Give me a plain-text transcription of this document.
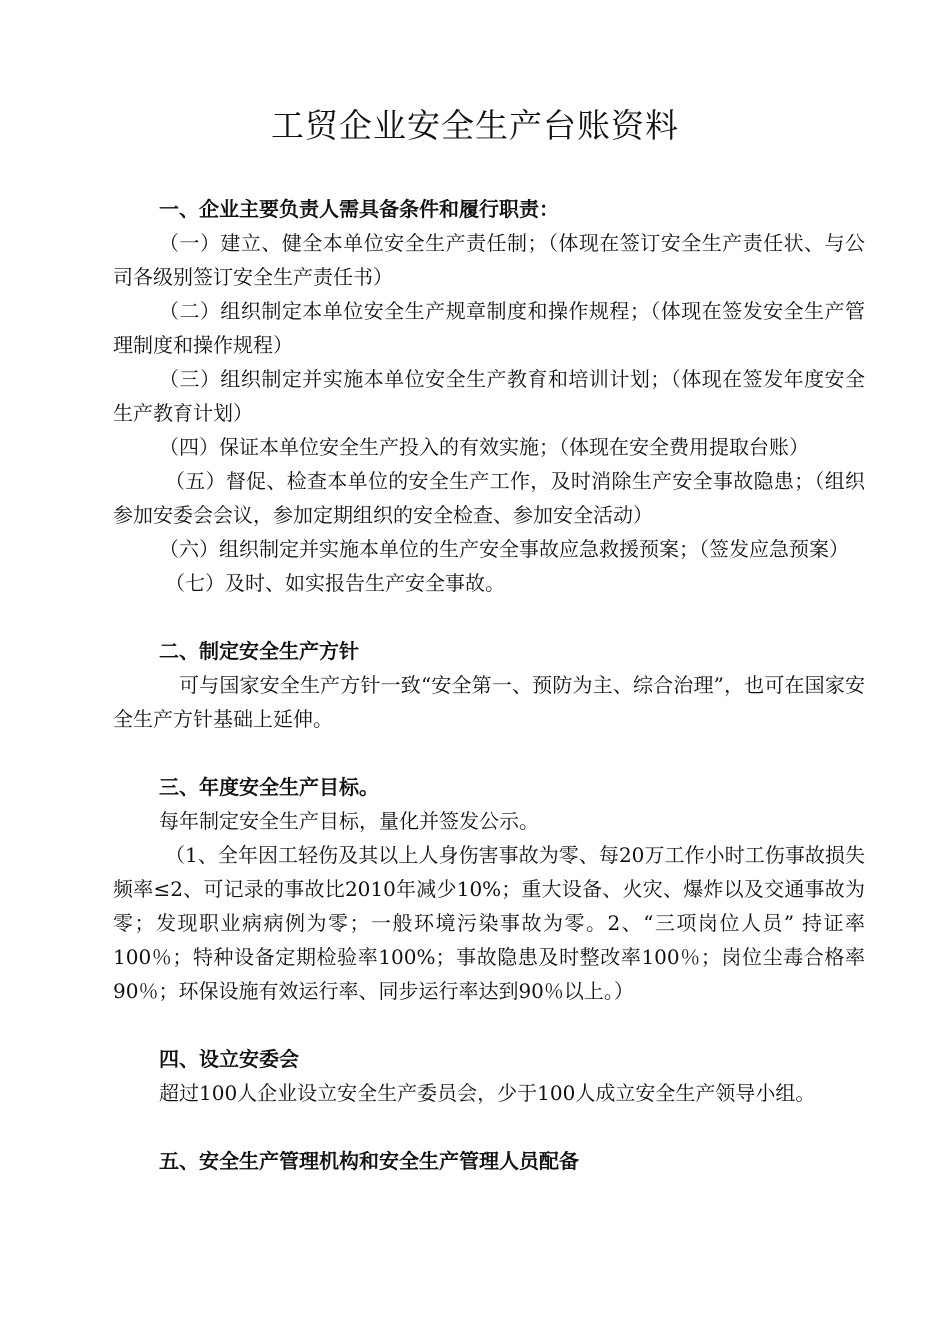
工贸企业安全生产台账资料

一、企业主要负责人需具备条件和履行职责：

（一）建立、健全本单位安全生产责任制；（体现在签订安全生产责任状、与公司各级别签订安全生产责任书）

（二）组织制定本单位安全生产规章制度和操作规程；（体现在签发安全生产管理制度和操作规程）

（三）组织制定并实施本单位安全生产教育和培训计划；（体现在签发年度安全生产教育计划）

（四）保证本单位安全生产投入的有效实施；（体现在安全费用提取台账）

（五）督促、检查本单位的安全生产工作，及时消除生产安全事故隐患；（组织参加安委会会议，参加定期组织的安全检查、参加安全活动）

（六）组织制定并实施本单位的生产安全事故应急救援预案；（签发应急预案）

（七）及时、如实报告生产安全事故。

二、制定安全生产方针

可与国家安全生产方针一致“安全第一、预防为主、综合治理”，也可在国家安全生产方针基础上延伸。

三、年度安全生产目标。

每年制定安全生产目标，量化并签发公示。

（1、全年因工轻伤及其以上人身伤害事故为零、每20万工作小时工伤事故损失频率≤2、可记录的事故比2010年减少10%；重大设备、火灾、爆炸以及交通事故为零；发现职业病病例为零；一般环境污染事故为零。2、“三项岗位人员” 持证率100％；特种设备定期检验率100%；事故隐患及时整改率100％；岗位尘毒合格率90％；环保设施有效运行率、同步运行率达到90％以上。）

四、设立安委会

超过100人企业设立安全生产委员会，少于100人成立安全生产领导小组。

五、安全生产管理机构和安全生产管理人员配备
